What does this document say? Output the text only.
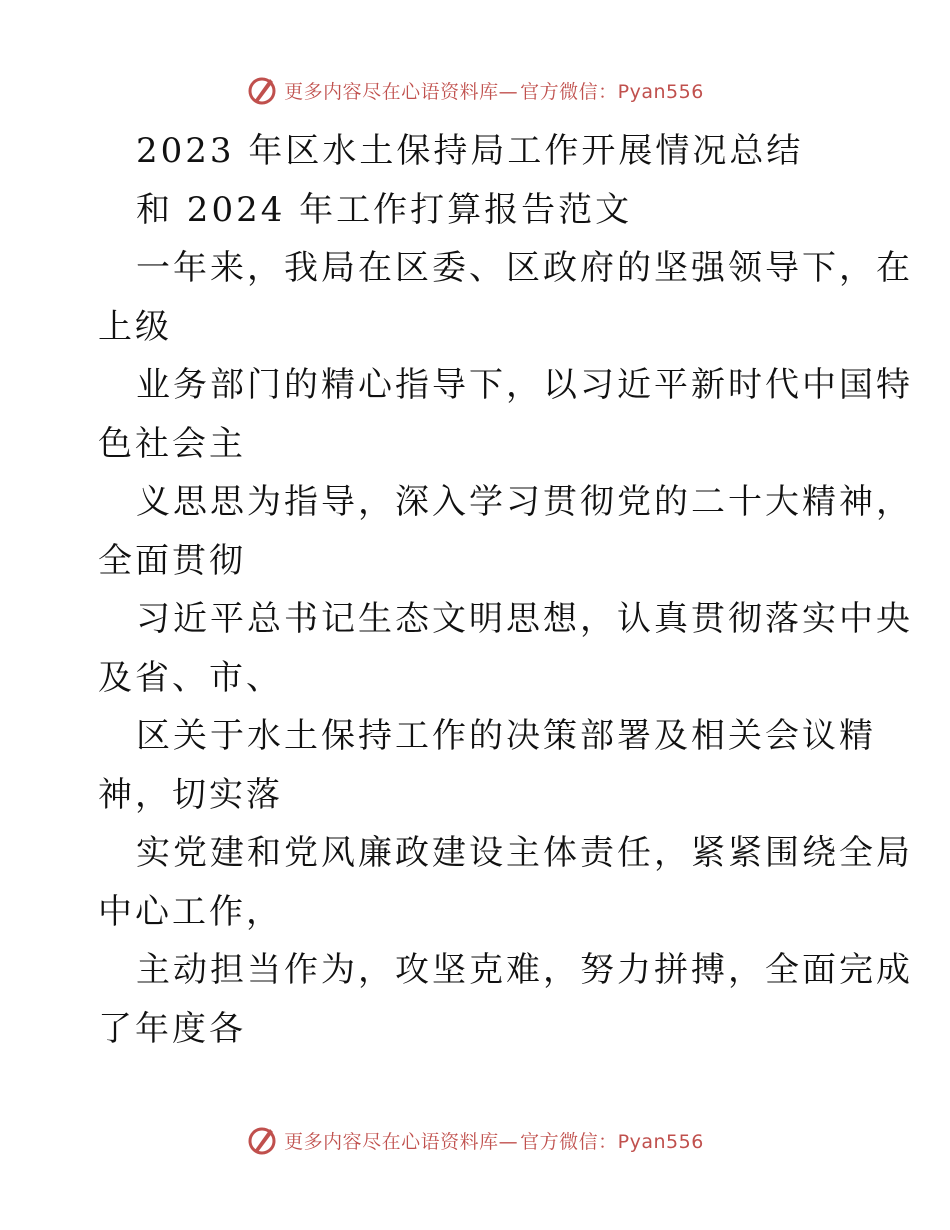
更多内容尽在心语资料库— 官方微信：Pyan556
2023 年区水土保持局工作开展情况总结
和 2024 年工作打算报告范文
一年来，我局在区委、区政府的坚强领导下，在
上级
业务部门的精心指导下，以习近平新时代中国特
色社会主
义思思为指导，深入学习贯彻党的二十大精神，
全面贯彻
习近平总书记生态文明思想，认真贯彻落实中央
及省、市、
区关于水土保持工作的决策部署及相关会议精
神，切实落
实党建和党风廉政建设主体责任，紧紧围绕全局
中心工作，
主动担当作为，攻坚克难，努力拼搏，全面完成
了年度各
更多内容尽在心语资料库— 官方微信：Pyan556
